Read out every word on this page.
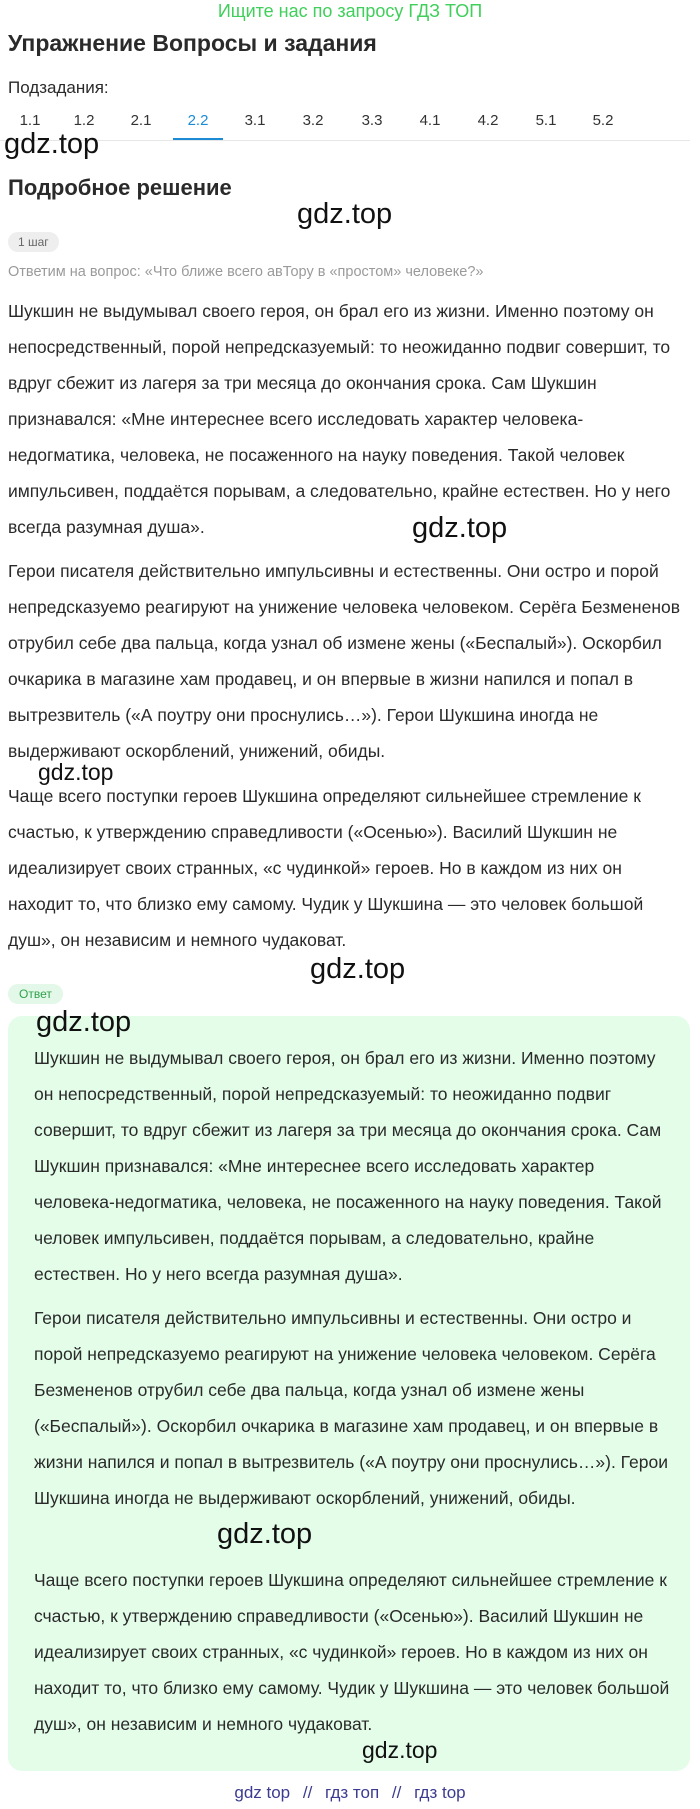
Ищите нас по запросу ГДЗ ТОП
Упражнение Вопросы и задания
Подзадания:
1.1	1.2	2.1	2.2	3.1	3.2	3.3	4.1	4.2	5.1	5.2
gdz.top
Подробное решение
gdz.top
1 шаг
Ответим на вопрос: «Что ближе всего авТору в «простом» человеке?»
Шукшин не выдумывал своего героя, он брал его из жизни. Именно поэтому он непосредственный, порой непредсказуемый: то неожиданно подвиг совершит, то вдруг сбежит из лагеря за три месяца до окончания срока. Сам Шукшин признавался: «Мне интереснее всего исследовать характер человека-недогматика, человека, не посаженного на науку поведения. Такой человек импульсивен, поддаётся порывам, а следовательно, крайне естествен. Но у него всегда разумная душа».	gdz.top
Герои писателя действительно импульсивны и естественны. Они остро и порой непредсказуемо реагируют на унижение человека человеком. Серёга Безмененов отрубил себе два пальца, когда узнал об измене жены («Беспалый»). Оскорбил очкарика в магазине хам продавец, и он впервые в жизни напился и попал в вытрезвитель («А поутру они проснулись…»). Герои Шукшина иногда не выдерживают оскорблений, унижений, обиды.
gdz.top
Чаще всего поступки героев Шукшина определяют сильнейшее стремление к счастью, к утверждению справедливости («Осенью»). Василий Шукшин не идеализирует своих странных, «с чудинкой» героев. Но в каждом из них он находит то, что близко ему самому. Чудик у Шукшина — это человек большой душ», он независим и немного чудаковат.
gdz.top
Ответ
gdz.top
Шукшин не выдумывал своего героя, он брал его из жизни. Именно поэтому он непосредственный, порой непредсказуемый: то неожиданно подвиг совершит, то вдруг сбежит из лагеря за три месяца до окончания срока. Сам Шукшин признавался: «Мне интереснее всего исследовать характер человека-недогматика, человека, не посаженного на науку поведения. Такой человек импульсивен, поддаётся порывам, а следовательно, крайне естествен. Но у него всегда разумная душа».
Герои писателя действительно импульсивны и естественны. Они остро и порой непредсказуемо реагируют на унижение человека человеком. Серёга Безмененов отрубил себе два пальца, когда узнал об измене жены («Беспалый»). Оскорбил очкарика в магазине хам продавец, и он впервые в жизни напился и попал в вытрезвитель («А поутру они проснулись…»). Герои Шукшина иногда не выдерживают оскорблений, унижений, обиды.
gdz.top
Чаще всего поступки героев Шукшина определяют сильнейшее стремление к счастью, к утверждению справедливости («Осенью»). Василий Шукшин не идеализирует своих странных, «с чудинкой» героев. Но в каждом из них он находит то, что близко ему самому. Чудик у Шукшина — это человек большой душ», он независим и немного чудаковат.
gdz.top
gdz top // гдз топ // гдз top
